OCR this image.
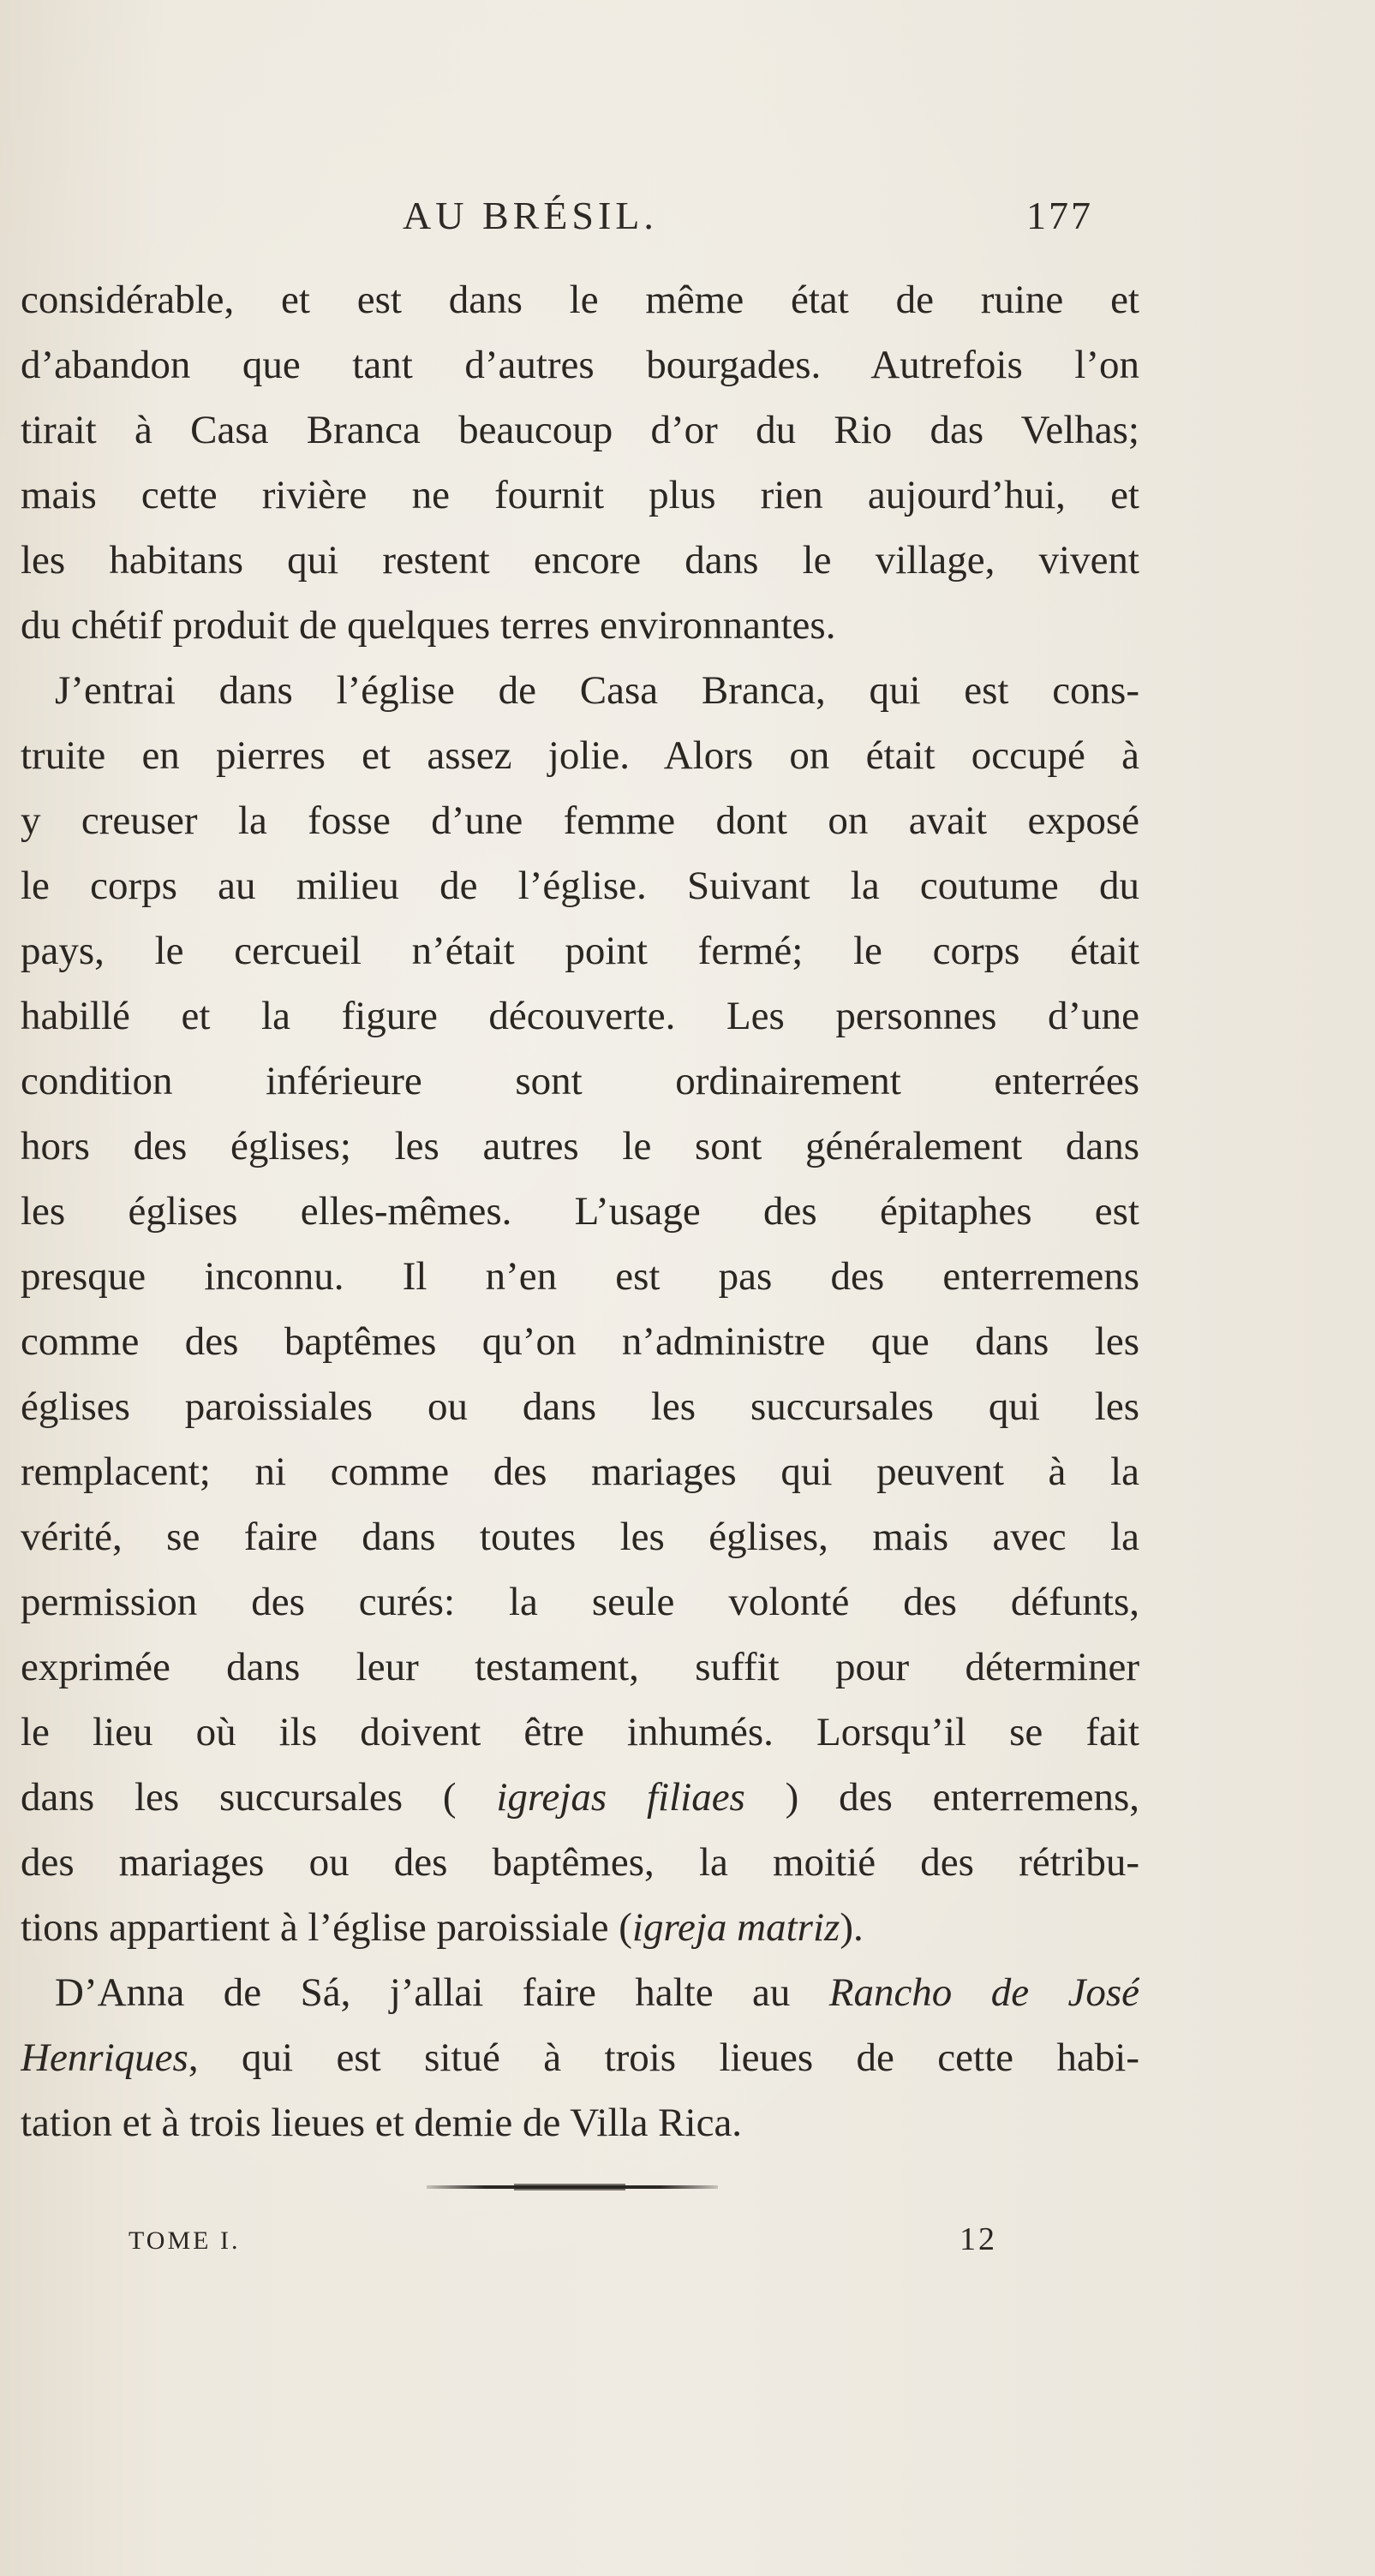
AU BRÉSIL.	177
considérable, et est dans le même état de ruine et
d’abandon que tant d’autres bourgades. Autrefois l’on
tirait à Casa Branca beaucoup d’or du Rio das Velhas;
mais cette rivière ne fournit plus rien aujourd’hui, et
les habitans qui restent encore dans le village, vivent
du chétif produit de quelques terres environnantes.
J’entrai dans l’église de Casa Branca, qui est cons-
truite en pierres et assez jolie. Alors on était occupé à
y creuser la fosse d’une femme dont on avait exposé
le corps au milieu de l’église. Suivant la coutume du
pays, le cercueil n’était point fermé; le corps était
habillé et la figure découverte. Les personnes d’une
condition inférieure sont ordinairement enterrées
hors des églises; les autres le sont généralement dans
les églises elles-mêmes. L’usage des épitaphes est
presque inconnu. Il n’en est pas des enterremens
comme des baptêmes qu’on n’administre que dans les
églises paroissiales ou dans les succursales qui les
remplacent; ni comme des mariages qui peuvent à la
vérité, se faire dans toutes les églises, mais avec la
permission des curés: la seule volonté des défunts,
exprimée dans leur testament, suffit pour déterminer
le lieu où ils doivent être inhumés. Lorsqu’il se fait
dans les succursales ( igrejas filiaes ) des enterremens,
des mariages ou des baptêmes, la moitié des rétribu-
tions appartient à l’église paroissiale (igreja matriz).
D’Anna de Sá, j’allai faire halte au Rancho de José
Henriques, qui est situé à trois lieues de cette habi-
tation et à trois lieues et demie de Villa Rica.
TOME I.	12
